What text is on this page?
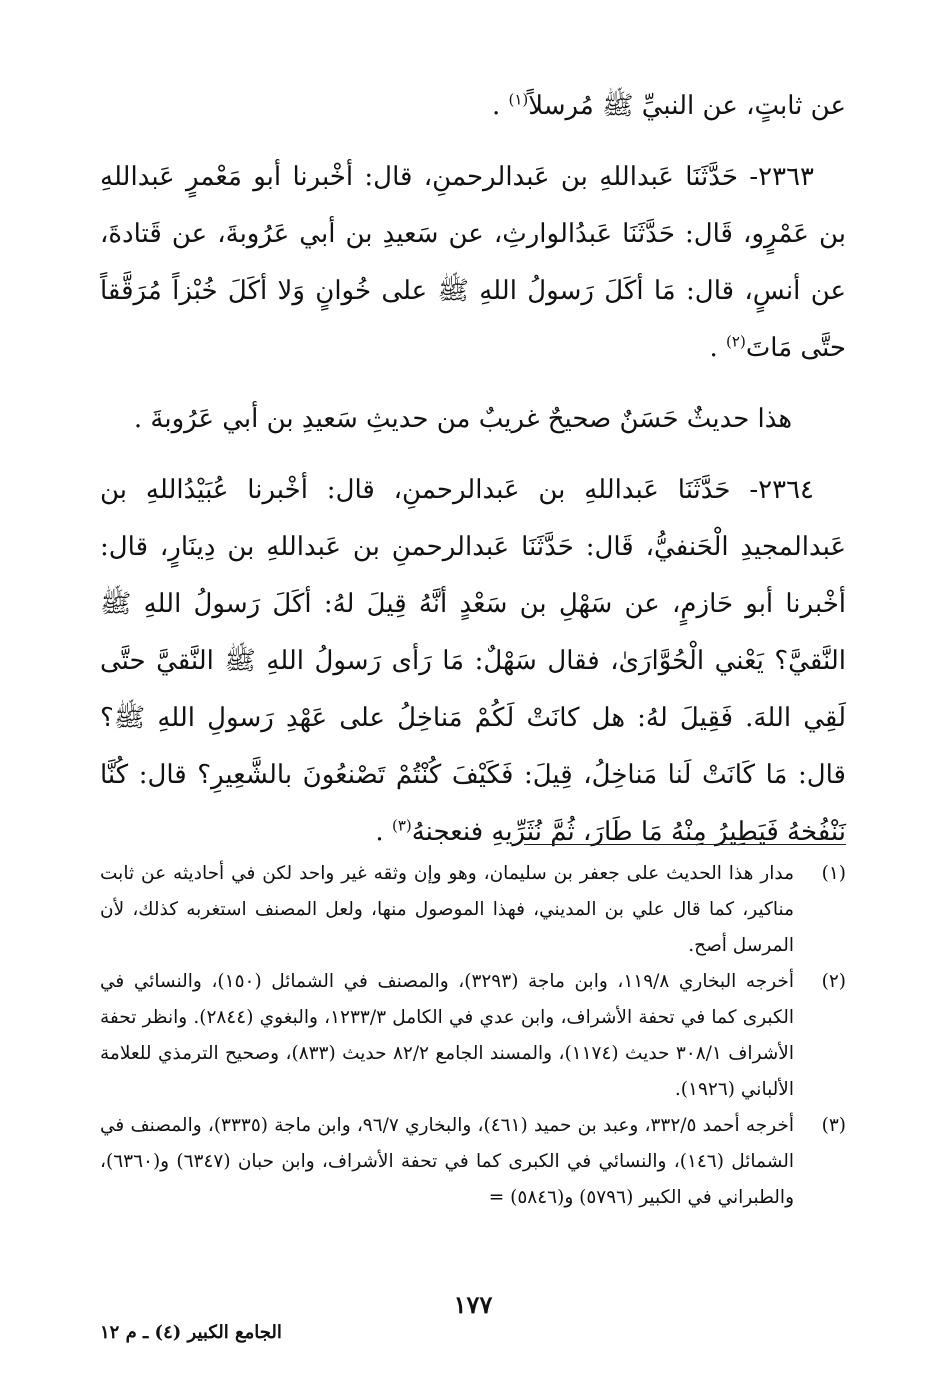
عن ثابتٍ، عن النبيِّ ﷺ مُرسلاً$^{(١)}$ .

٢٣٦٣- حَدَّثَنَا عَبداللهِ بن عَبدالرحمنِ، قال: أخْبرنا أبو مَعْمرٍ عَبداللهِ بن عَمْرٍو، قَال: حَدَّثَنَا عَبدُالوارثِ، عن سَعيدِ بن أبي عَرُوبةَ، عن قَتادةَ، عن أنسٍ، قال: مَا أكَلَ رَسولُ اللهِ ﷺ على خُوانٍ وَلا أكَلَ خُبْزاً مُرَقَّقاً حتَّى مَاتَ$^{(٢)}$ .

هذا حديثٌ حَسَنٌ صحيحٌ غريبٌ من حديثِ سَعيدِ بن أبي عَرُوبةَ .

٢٣٦٤- حَدَّثَنَا عَبداللهِ بن عَبدالرحمنِ، قال: أخْبرنا عُبَيْدُاللهِ بن عَبدالمجيدِ الْحَنفيُّ، قَال: حَدَّثَنَا عَبدالرحمنِ بن عَبداللهِ بن دِينَارٍ، قال: أخْبرنا أبو حَازمٍ، عن سَهْلِ بن سَعْدٍ أنَّهُ قِيلَ لهُ: أكَلَ رَسولُ اللهِ ﷺ النَّقيَّ؟ يَعْني الْحُوَّارَىٰ، فقال سَهْلٌ: مَا رَأى رَسولُ اللهِ ﷺ النَّقيَّ حتَّى لَقِي اللهَ. فَقِيلَ لهُ: هل كانَتْ لَكُمْ مَناخِلُ على عَهْدِ رَسولِ اللهِ ﷺ؟ قال: مَا كَانَتْ لَنا مَناخِلُ، قِيلَ: فَكَيْفَ كُنْتُمْ تَصْنعُونَ بالشَّعِيرِ؟ قال: كُنَّا نَنْفُخهُ فَيَطِيرُ مِنْهُ مَا طَارَ، ثُمَّ نُثَرِّيهِ فنعجنهُ$^{(٣)}$ .

(١)
مدار هذا الحديث على جعفر بن سليمان، وهو وإن وثقه غير واحد لكن في أحاديثه عن ثابت مناكير، كما قال علي بن المديني، فهذا الموصول منها، ولعل المصنف استغربه كذلك، لأن المرسل أصح.
(٢)
أخرجه البخاري ١١٩/٨، وابن ماجة (٣٢٩٣)، والمصنف في الشمائل (١٥٠)، والنسائي في الكبرى كما في تحفة الأشراف، وابن عدي في الكامل ١٢٣٣/٣، والبغوي (٢٨٤٤). وانظر تحفة الأشراف ٣٠٨/١ حديث (١١٧٤)، والمسند الجامع ٨٢/٢ حديث (٨٣٣)، وصحيح الترمذي للعلامة الألباني (١٩٢٦).
(٣)
أخرجه أحمد ٣٣٢/٥، وعبد بن حميد (٤٦١)، والبخاري ٩٦/٧، وابن ماجة (٣٣٣٥)، والمصنف في الشمائل (١٤٦)، والنسائي في الكبرى كما في تحفة الأشراف، وابن حبان (٦٣٤٧) و(٦٣٦٠)، والطبراني في الكبير (٥٧٩٦) و(٥٨٤٦) =
١٧٧
الجامع الكبير (٤) ـ م ١٢
